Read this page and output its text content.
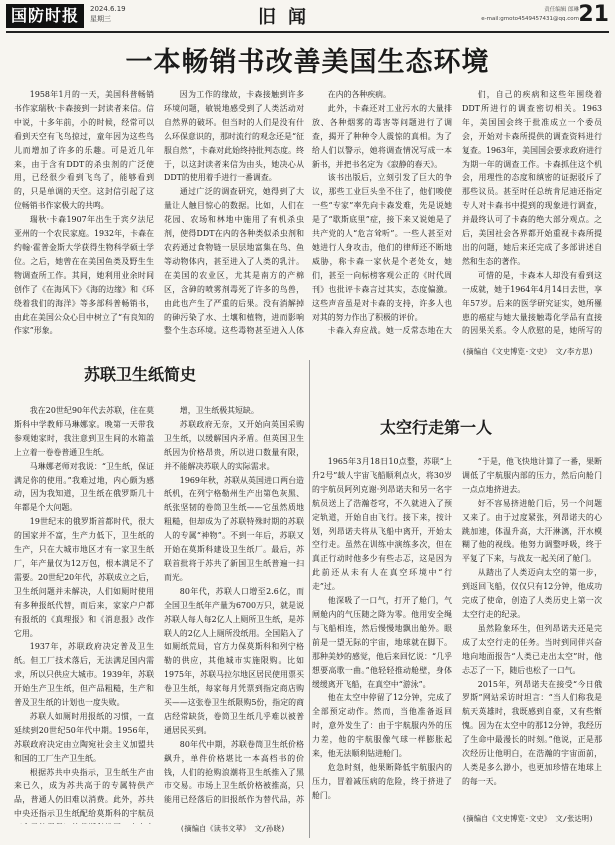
国防时报	2024.6.19
星期三	旧闻	责任编辑 郎琳
e-mail:gmoto4549457431@qq.com 21
一本畅销书改善美国生态环境

1958年1月的一天，美国科普畅销书作家瑞秋·卡森接到一封读者来信。信中说，十多年前，小的时候，经常可以看到天空有飞鸟掠过，童年因为这些鸟儿而增加了许多的乐趣。可是近几年来，由于含有DDT的杀虫剂的广泛使用，已经很少看到飞鸟了，能够看到的，只是单调的天空。这封信引起了这位畅销书作家极大的共鸣。

瑞秋·卡森1907年出生于宾夕法尼亚州的一个农民家庭。1932年，卡森在约翰·霍普金斯大学获得生物科学硕士学位。之后，她曾在在美国鱼类及野生生物调查所工作。其间，她利用业余时间创作了《在海风下》《海的边缘》和《环绕着我们的海洋》等多部科普畅销书，由此在美国公众心目中树立了“有良知的作家”形象。

因为工作的缘故，卡森接触到许多环境问题，敏锐地感受到了人类活动对自然界的破坏。但当时的人们是没有什么环保意识的，那时流行的观念还是“征服自然”，卡森对此始终持批判态度。终于，以这封读者来信为由头，她决心从DDT的使用着手进行一番调查。

通过广泛的调查研究，她得到了大量让人触目惊心的数据。比如，人们在花园、农场和林地中施用了有机杀虫剂，使得DDT在内的各种类似杀虫剂和农药通过食物链一层层地富集在鸟、鱼等动物体内，甚至进入了人类的乳汁。在美国的农业区，尤其是南方的产棉区，含砷的喷雾剂毒死了许多的鸟兽，由此也产生了严重的后果。没有消解掉的砷污染了水、土壤和植物，进而影响整个生态环境。这些毒物甚至进入人体

在内的各种疾病。

此外，卡森还对工业污水的大量排放、各种烟雾的毒害等问题进行了调查，揭开了种种令人震惊的真相。为了给人们以警示，她将调查情况写成一本新书，并把书名定为《寂静的春天》。

该书出版后，立刻引发了巨大的争议，那些工业巨头坐不住了，他们唆使一些“专家”率先向卡森发难，先是说她是了“歇斯底里”症，接下来又说她是了共产党的人“危言耸听”。一些人甚至对她进行人身攻击，他们的律师还不断地威胁，称卡森一家伙是个老处女，她们，甚至一向标榜客观公正的《时代周刊》也批评卡森言过其实，态度偏激。这些声音虽是对卡森的支持，许多人也对其的努力作出了积极的评价。

卡森入弃应战。她一反常态地在大

们，自己的疾病和这些年围绕着DDT所进行的调查密切相关。1963年，美国国会终于批准成立一个委员会，开始对卡森所提供的调查资料进行复查。1963年，美国国会要求政府进行为期一年的调查工作。卡森抓住这个机会，用理性的态度和缜密的证据驳斥了那些议员。甚至时任总统肯尼迪还指定专人对卡森书中提到的现象进行调查，并最终认可了卡森的绝大部分观点。之后，美国社会各界都开始重视卡森所提出的问题，她后来还完成了多部讲述自然和生态的著作。

可惜的是，卡森本人却没有看到这一成就，她于1964年4月14日去世，享年57岁。后来的医学研究证实，她所罹患的癌症与她大量接触毒化学品有直接的因果关系。令人欣慰的是，她所写的

(摘编自《文史博览·文史》 文/李方思)
苏联卫生纸简史

我在20世纪90年代去苏联，住在莫斯科中学教师马琳娜家。晚第一天带我参观她家时，我注意到卫生间的水箱盖上立着一卷卷普通卫生纸。

马琳娜老师对我说：“卫生纸，保证满足你的使用。”我难过地，内心颇为感动，因为我知道，卫生纸在俄罗斯几十年都是个大问题。

19世纪末的俄罗斯首都时代，很大的国家并不富，生产力低下，卫生纸的生产，只在大城市地区才有一家卫生纸厂，年产量仅为12万包，根本满足不了需要。20世纪20年代，苏联成立之后，卫生纸问题并未解决，人们如厕时使用有多种报纸代替，而后来，家家户户都有报纸的《真理报》和《消息报》改作它用。

1937年，苏联政府决定普及卫生纸。但工厂技术落后，无法满足国内需求，所以只供应大城市。1939年，苏联开始生产卫生纸，但产品粗糙，生产和普及卫生纸的计划也一度失败。

苏联人如厕时用报纸的习惯，一直延续到20世纪50年代中期。1956年，苏联政府决定由立陶宛社会主义加盟共和国的工厂生产卫生纸。

根据苏共中央指示，卫生纸生产由来已久，成为苏共高于的专属特供产品，普通人仍旧难以消费。此外，苏共中央还指示卫生纸配给莫斯科的宇航员

增，卫生纸极其短缺。

苏联政府无奈，又开始向英国采购卫生纸，以缓解国内矛盾。但英国卫生纸因为价格昂贵，所以进口数量有限，并不能解决苏联人的实际需求。

1969年秋，苏联从英国进口两台造纸机，在列宁格勒州生产出第色灰黑、纸张坚韧的卷筒卫生纸——它虽然质地粗糙，但却成为了苏联特殊时期的苏联人的专属“神物”。不到一年后，苏联又开始在莫斯科建设卫生纸厂。最后，苏联首批将于苏共了新国卫生纸普遍一扫而光。

80年代，苏联人口增至2.6亿，而全国卫生纸年产量为6700万只，就是说苏联人每人每2亿人上厕所卫生纸，是苏联人的2亿人上厕所没纸用。全国陷入了如厕纸荒局，官方力保莫斯科和列宁格勒的供应，其他城市实施限购。比如1975年，苏联马拉尔地区居民使用票买卷卫生纸，每家每月凭票到指定商店购买——这张卷卫生纸限购5份，指定的商店经常缺货，卷筒卫生纸几乎难以被普通居民买到。

80年代中期，苏联卷筒卫生纸价格飙升，单件价格堪比一本高档书的价钱，人们的抢购浪潮将卫生纸推入了黑市交易。市场上卫生纸价格被推高，只能用已经落后的旧报纸作为替代品，苏

(摘编自《读书文萃》 文/孙晓)
太空行走第一人

1965年3月18日10点整，苏联“上升2号”载人宇宙飞船顺利点火，将30岁的宇航员阿列克谢·列昂诺夫和另一名宇航员送上了浩瀚苍穹，不久就进入了预定轨道，开始自由飞行。接下来，按计划，列昂诺夫将从飞船中离开，开始太空行走。虽然在训练中演练多次，但在真正行动时他多少有些忐忑，这是因为此前还从未有人在真空环境中“行走”过。

他深吸了一口气，打开了舱门，气闸舱内的气压随之降为零。他用安全绳与飞船相连，然后慢慢地飘出舱外。眼前是一望无际的宇宙，地球就在脚下。那种美妙的感觉，他后来回忆说：“几乎想要高歌一曲。”他轻轻推动舱壁，身体缓缓离开飞船，在真空中“游泳”。

他在太空中停留了12分钟，完成了全部预定动作。然而，当他准备返回时，意外发生了：由于宇航服内外的压力差，他的宇航服像气球一样膨胀起来，他无法顺利钻进舱门。

危急时刻，他果断降低宇航服内的压力，冒着减压病的危险，终于挤进了舱门。

“于是，他飞快地计算了一番，果断调低了宇航服内部的压力，然后向舱门一点点地挤进去。

好不容易挤进舱门后，另一个问题又来了。由于过度紧张，列昂诺夫的心跳加速，体温升高，大汗淋漓，汗水模糊了他的视线。他努力调整呼吸，终于平复了下来，与战友一起关闭了舱门。

从踏出了人类迈向太空的第一步，到返回飞船，仅仅只有12分钟，他成功完成了使命，创造了人类历史上第一次太空行走的纪录。

虽然险象环生，但列昂诺夫还是完成了太空行走的任务。当时到同伴兴奋地向地面报告“人类已走出太空”时，他忐忑了一下，随后也松了一口气。

2015年，列昂诺夫在接受“今日俄罗斯”网站采访时坦言：“当人们称我是航天英雄时，我既感到自豪，又有些惭愧。因为在太空中的那12分钟，我经历了生命中最漫长的时刻。”他说，正是那次经历让他明白，在浩瀚的宇宙面前，人类是多么渺小，也更加珍惜在地球上的每一天。

(摘编自《文史博览·文史》 文/张达明)
